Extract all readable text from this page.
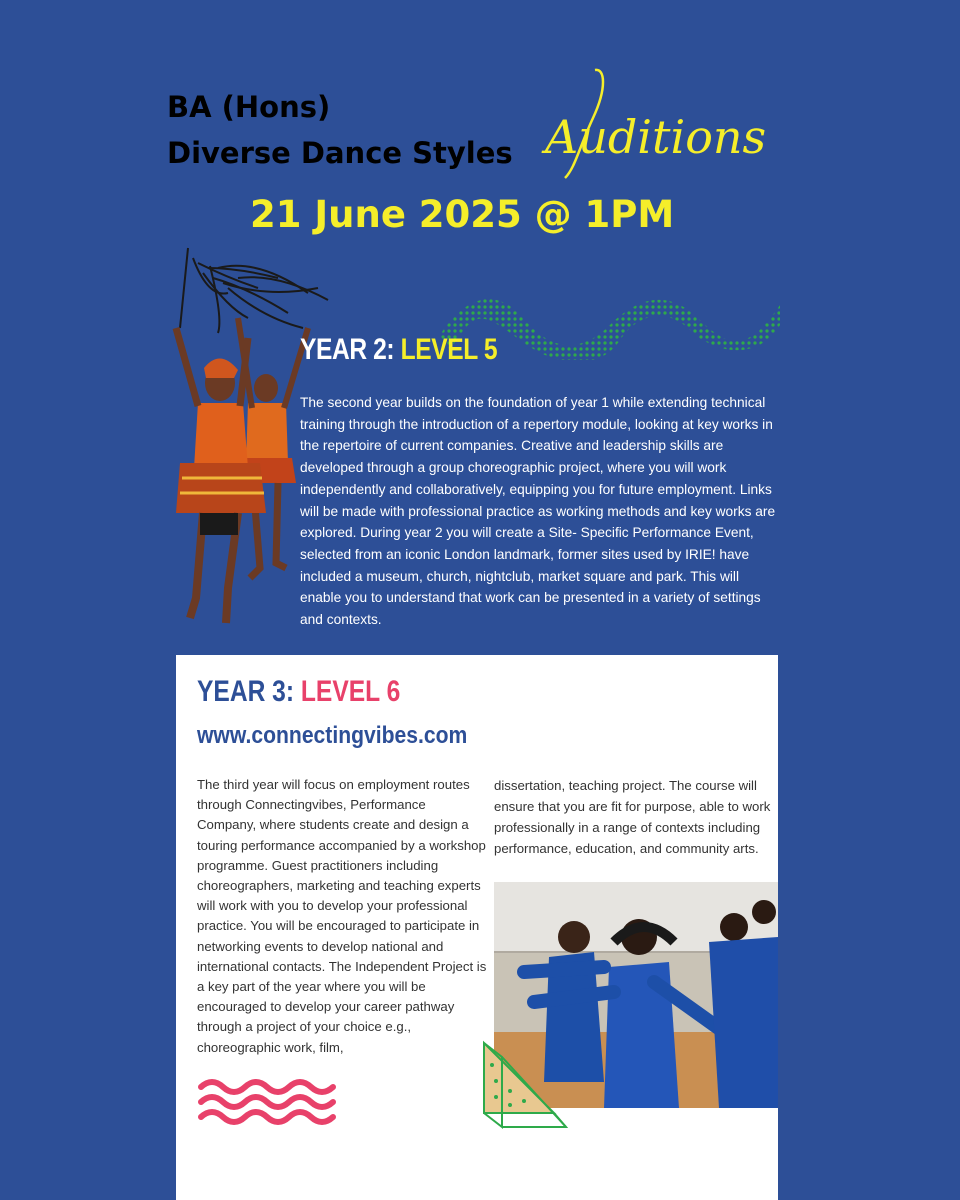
BA (Hons)
Diverse Dance Styles Auditions
21 June 2025 @ 1PM
YEAR 2: LEVEL 5

The second year builds on the foundation of year 1 while extending technical training through the introduction of a repertory module, looking at key works in the repertoire of current companies. Creative and leadership skills are developed through a group choreographic project, where you will work independently and collaboratively, equipping you for future employment. Links will be made with professional practice as working methods and key works are explored. During year 2 you will create a Site- Specific Performance Event, selected from an iconic London landmark, former sites used by IRIE! have included a museum, church, nightclub, market square and park. This will enable you to understand that work can be presented in a variety of settings and contexts.

YEAR 3: LEVEL 6
www.connectingvibes.com

The third year will focus on employment routes through Connectingvibes, Performance Company, where students create and design a touring performance accompanied by a workshop programme. Guest practitioners including choreographers, marketing and teaching experts will work with you to develop your professional practice. You will be encouraged to participate in networking events to develop national and international contacts. The Independent Project is a key part of the year where you will be encouraged to develop your career pathway through a project of your choice e.g., choreographic work, film,

dissertation, teaching project. The course will ensure that you are fit for purpose, able to work professionally in a range of contexts including performance, education, and community arts.
